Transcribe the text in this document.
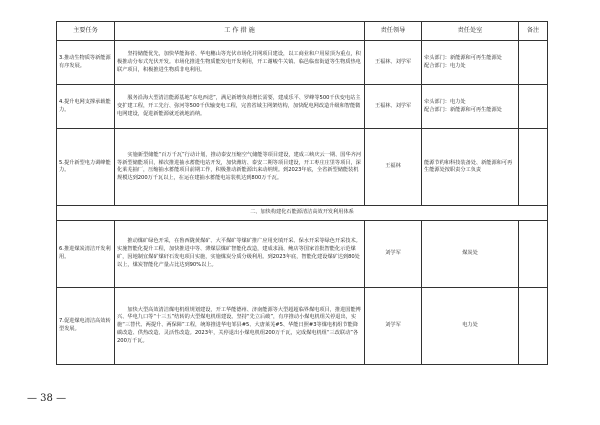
主要任务	工 作 措 施	责任领导	责任处室	备注
3.推动生物质等新能源有序发展。	坚持储能优先，加快华能海者、华电穗山等光伏市场化并网项目建设，以工商业和户用屋顶为重点，积极推动分布式光伏开发。市场化推进生物质能发电开发利用，开工谢峻牛关镇、临邑临盘街道等生物质热电联产项目，积极推进生物质非电利用。	王福林、刘学军	牵头部门：新能源和可再生能源处
配合部门：电力处	
4.提升电网支撑承载能力。	服务沿海大型清洁能源基地“东电西送”，满足新增负荷增长需要，建成乐平、罗峰等500千伏变电站主变扩建工程，开工先行、弥河等500千伏输变电工程，完善省域主网架结构，加快配电网改造升级和智能微电网建设，促进新能源就近就地消纳。	王福林、刘学军	牵头部门：电力处
配合部门：新能源和可再生能源处	
5.提升新型电力调峰能力。	实施新型储能“百万千瓦”行动计划，推动泰安压缩空气储能等项目建设，建成三峡庆云一期、国华齐河等新型储能项目，梯次推进抽水蓄能电站开发，加快潍坊、泰安二期等项目建设，开工枣庄庄里等项目，深化莱芜抽厂，压缩抽水蓄能项目前期工作，积极推动新能源出来动纳规。到2023年底，全省新型储能装机规模达到200万千瓦以上，在运在建抽水蓄能电站装机达到800万千瓦。	王福林	能源节约和科技装备处、新能源和可再生能源处按职责分工负责	
二、加快构建化石能源清洁高效开发利用体系				
6.推进煤炭清洁开发利用。	推动煤矿绿色开采，在鲁西陇黄煤矿、大平煤矿等煤矿推广应用充填开采、保水开采等绿色开采技术。实施智能化提升工程，加快推进中等、薄煤层煤矿智能化改造，建成求涌、鲍店等国家首批智能化示范煤矿，因地制宜煤矿煤矸石发电项目实施，实施煤炭分质分级利用。到2023年底，智能化建设煤矿达到80处以上，煤炭智能化产量占比达到90%以上。	刘学军	煤炭处	
7.促进煤电清洁高效转型发展。	加快大型高效清洁煤电机组规划建设，开工华能德州、济南能源等大型超超临界煤电项目，推进国能博兴、华电九口等“十三五”结转的大型煤电机组建设。坚持“先立后破”，有序推动小煤电机组关停退出，实施“三替代、两提升、两保障”工程，统筹推进华电邹县#5、大唐莱芜#5、华能日照#3等煤电机组节能降碳改造、供热改造、灵活性改造。2023年，关停退出小煤电机组200万千瓦，完成煤电机组“三改联动”各200万千瓦。	刘学军	电力处	
— 38 —
